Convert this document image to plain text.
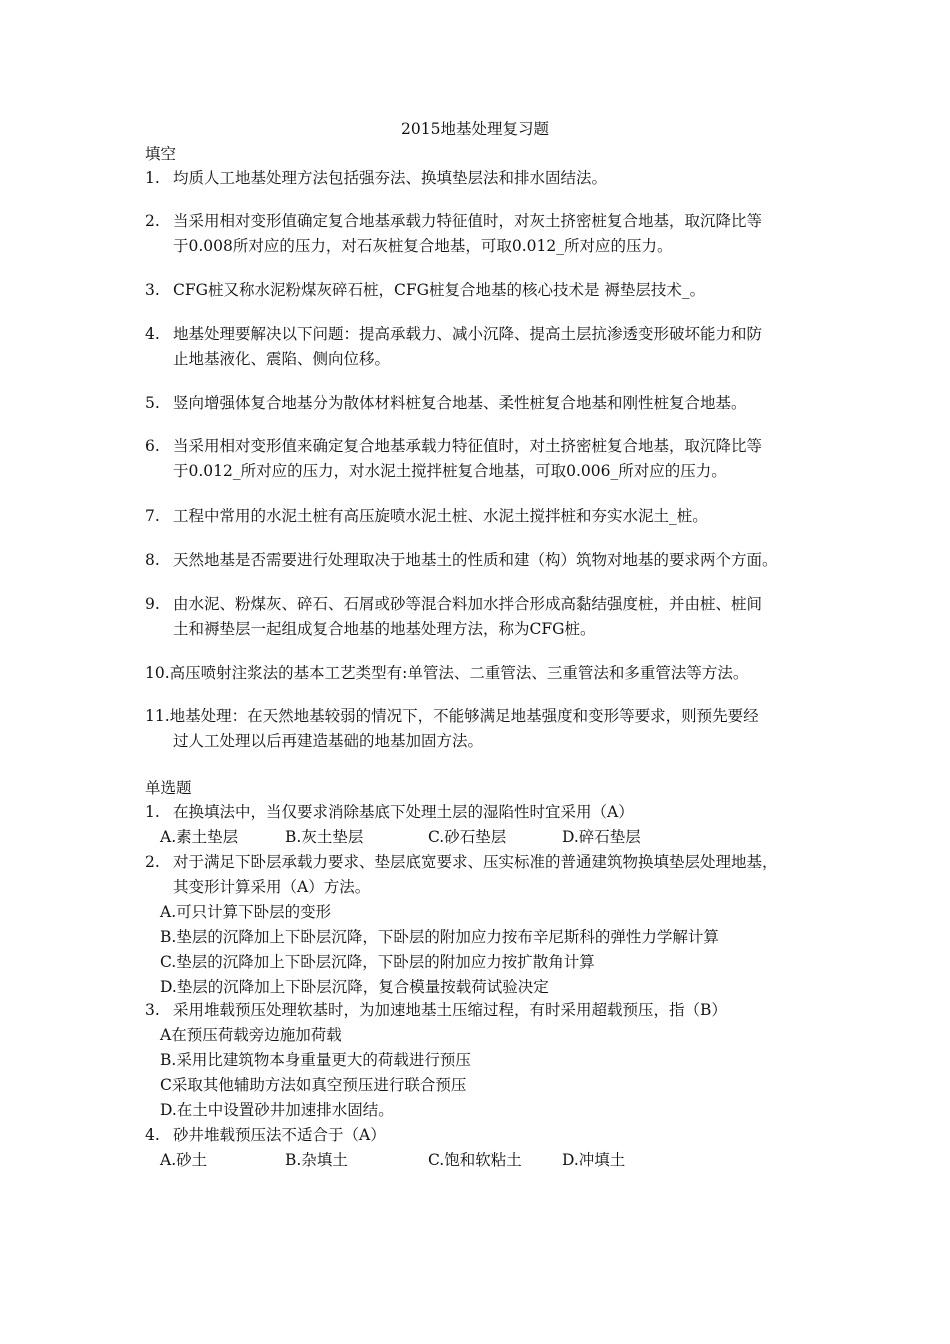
2015地基处理复习题
填空
1. 均质人工地基处理方法包括强夯法、换填垫层法和排水固结法。
2. 当采用相对变形值确定复合地基承载力特征值时，对灰土挤密桩复合地基，取沉降比等
于0.008所对应的压力，对石灰桩复合地基，可取0.012_所对应的压力。
3. CFG桩又称水泥粉煤灰碎石桩，CFG桩复合地基的核心技术是 褥垫层技术_。
4. 地基处理要解决以下问题：提高承载力、减小沉降、提高土层抗渗透变形破坏能力和防
止地基液化、震陷、侧向位移。
5. 竖向增强体复合地基分为散体材料桩复合地基、柔性桩复合地基和刚性桩复合地基。
6. 当采用相对变形值来确定复合地基承载力特征值时，对土挤密桩复合地基，取沉降比等
于0.012_所对应的压力，对水泥土搅拌桩复合地基，可取0.006_所对应的压力。
7. 工程中常用的水泥土桩有高压旋喷水泥土桩、水泥土搅拌桩和夯实水泥土_桩。
8. 天然地基是否需要进行处理取决于地基土的性质和建（构）筑物对地基的要求两个方面。
9. 由水泥、粉煤灰、碎石、石屑或砂等混合料加水拌合形成高黏结强度桩，并由桩、桩间
土和褥垫层一起组成复合地基的地基处理方法，称为CFG桩。
10.高压喷射注浆法的基本工艺类型有:单管法、二重管法、三重管法和多重管法等方法。
11.地基处理：在天然地基较弱的情况下，不能够满足地基强度和变形等要求，则预先要经
过人工处理以后再建造基础的地基加固方法。
单选题
1. 在换填法中，当仅要求消除基底下处理土层的湿陷性时宜采用（A）
A.素土垫层	B.灰土垫层	C.砂石垫层	D.碎石垫层
2. 对于满足下卧层承载力要求、垫层底宽要求、压实标准的普通建筑物换填垫层处理地基，
其变形计算采用（A）方法。
A.可只计算下卧层的变形
B.垫层的沉降加上下卧层沉降，下卧层的附加应力按布辛尼斯科的弹性力学解计算
C.垫层的沉降加上下卧层沉降，下卧层的附加应力按扩散角计算
D.垫层的沉降加上下卧层沉降，复合模量按载荷试验决定
3. 采用堆载预压处理软基时，为加速地基土压缩过程，有时采用超载预压，指（B）
A在预压荷载旁边施加荷载
B.采用比建筑物本身重量更大的荷载进行预压
C采取其他辅助方法如真空预压进行联合预压
D.在土中设置砂井加速排水固结。
4. 砂井堆载预压法不适合于（A）
A.砂土	B.杂填土	C.饱和软粘土	D.冲填土
